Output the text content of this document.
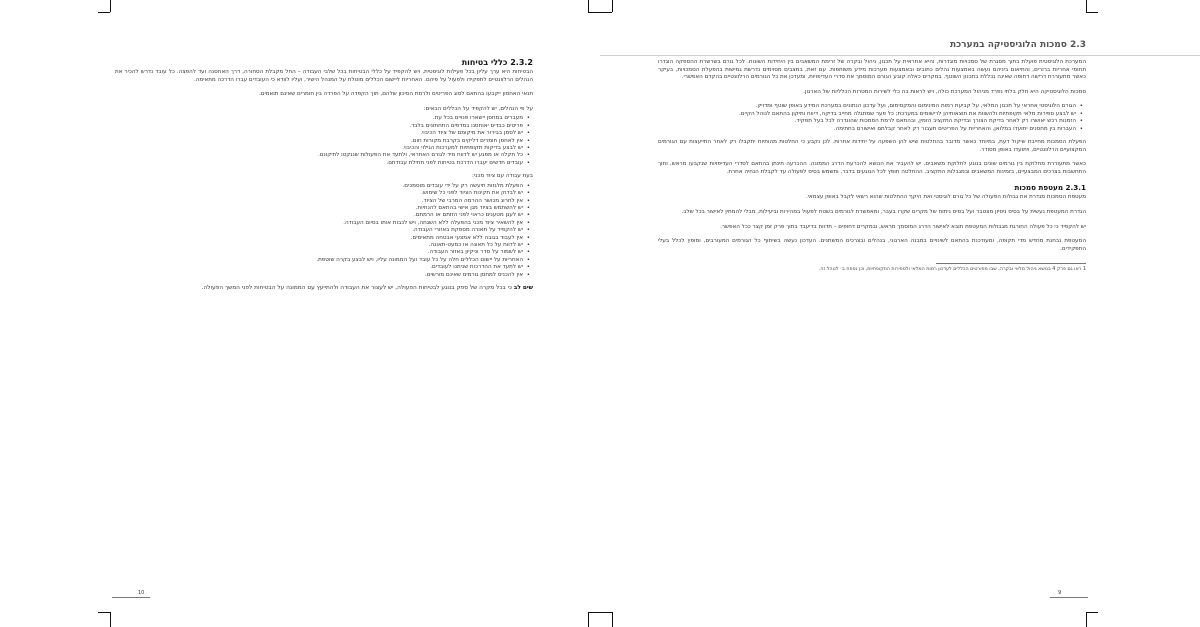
2.3 סמכות הלוגיסטיקה במערכת

המערכת הלוגיסטית פועלת בתוך מסגרת של סמכויות מוגדרות, והיא אחראית על תכנון, ניהול ובקרה של זרימת המשאבים בין היחידות השונות. לכל גורם בשרשרת ההספקה הוגדרו תחומי אחריות ברורים, והתיאום ביניהם נעשה באמצעות נהלים כתובים ובאמצעות מערכות מידע משותפות. עם זאת, במצבים מסוימים נדרשת גמישות בהפעלת הסמכויות, בעיקר כאשר מתעוררת דרישה דחופה שאינה נכללת בתכנון השוטף. במקרים כאלה קובע הגורם המוסמך את סדרי העדיפויות, ומעדכן את כל הגורמים הרלוונטיים בהקדם האפשרי.

סמכות הלוגיסטיקה היא חלק בלתי נפרד מניהול המערכת כולה, ויש לראות בה כלי לשירות המטרות הכלליות של הארגון.

• הגורם הלוגיסטי אחראי על תכנון המלאי, על קביעת רמות המינימום והמקסימום, ועל עדכון הנתונים במערכת המידע באופן שוטף ומדויק.
• יש לבצע ספירות מלאי תקופתיות ולהשוות את תוצאותיהן לרישומים במערכת; כל פער שמתגלה מחייב בדיקה, דיווח ותיקון בהתאם לנוהל הקיים.
• הזמנות רכש יאושרו רק לאחר בדיקת הצורך ובדיקת התקציב הזמין, ובהתאם לרמת הסמכות שהוגדרה לכל בעל תפקיד.
• העברות בין מחסנים יתועדו במלואן, והאחריות על הפריטים תעבור רק לאחר קבלתם ואישורם בחתימה.

הפעלת הסמכות מחייבת שיקול דעת, במיוחד כאשר מדובר בהחלטות שיש להן השפעה על יחידות אחרות. לכן נקבע כי החלטות מהותיות יתקבלו רק לאחר התייעצות עם הגורמים המקצועיים הרלוונטיים, ויתועדו באופן מסודר.

כאשר מתעוררת מחלוקת בין גורמים שונים בנוגע לחלוקת משאבים, יש להעביר את הנושא להכרעת הדרג הממונה. ההכרעה תינתן בהתאם לסדרי העדיפויות שנקבעו מראש, ותוך התחשבות בצרכים המבצעיים, בזמינות המשאבים ובמגבלות התקציב. ההחלטה תופץ לכל הנוגעים בדבר, ותשמש בסיס לפעולה עד לקבלת הנחיה אחרת.

2.3.1 מעטפת סמכות

מעטפת הסמכות מגדרת את גבולות הפעולה של כל גורם לוגיסטי ואת היקף ההחלטות שהוא רשאי לקבל באופן עצמאי.

הגדרת המעטפת נעשית על בסיס ניסיון מצטבר ועל בסיס ניתוח של מקרים שקרו בעבר, ומאפשרת לגורמים בשטח לפעול במהירות וביעילות, מבלי להמתין לאישור בכל שלב.

יש להקפיד כי כל פעולה החורגת מגבולות המעטפת תובא לאישור הדרג המוסמך מראש, ובמקרים דחופים – תדווח בדיעבד בתוך פרק זמן קצר ככל האפשר.

המעטפת נבחנת מחדש מדי תקופה, ומעודכנת בהתאם לשינויים במבנה הארגוני, בנהלים ובצרכים המשתנים. העדכון נעשה בשיתוף כל הגורמים המעורבים, ומופץ לכלל בעלי התפקידים.

1 ראו גם פרק 4 בנושא ניהול מלאי ובקרה, שבו מפורטים הכללים לעדכון רמות המלאי ולספירות התקופתיות, וכן נספח ב׳ לנוהל זה.
2.3.2 כללי בטיחות

הבטיחות היא ערך עליון בכל פעילות לוגיסטית, ויש להקפיד על כללי הבטיחות בכל שלבי העבודה – החל מקבלת הסחורה, דרך האחסנה ועד להפצה. כל עובד נדרש להכיר את הנהלים הרלוונטיים לתפקידו ולפעול על פיהם. האחריות ליישום הכללים מוטלת על המנהל הישיר, ועליו לוודא כי העובדים עברו הדרכה מתאימה.

תנאי האחסון ייקבעו בהתאם לסוג הפריטים ולרמת הסיכון שלהם, תוך הקפדה על הפרדה בין חומרים שאינם תואמים.

על פי הנהלים, יש להקפיד על הכללים הבאים:

• מעברים במחסן יישארו פנויים בכל עת.
• פריטים כבדים יאוחסנו במדפים התחתונים בלבד.
• יש לסמן בבירור את מיקומם של ציוד הכיבוי.
• אין לאחסן חומרים דליקים בקרבת מקורות חום.
• יש לבצע בדיקות תקופתיות למערכות הגילוי והכיבוי.
• כל תקלה או מפגע יש לדווח מיד לגורם האחראי, ולתעד את הפעולות שננקטו לתיקונם.
• עובדים חדשים יעברו הדרכת בטיחות לפני תחילת עבודתם.

בעת עבודה עם ציוד מכני:

• הפעלת מלגזות תיעשה רק על ידי עובדים מוסמכים.
• יש לבדוק את תקינות הציוד לפני כל שימוש.
• אין לחרוג מכושר ההרמה המרבי של הציוד.
• יש להשתמש בציוד מגן אישי בהתאם להנחיות.
• יש לעגן מטענים כראוי לפני הזזתם או הרמתם.
• אין להשאיר ציוד מכני בהפעלה ללא השגחה, ויש לכבות אותו בסיום העבודה.
• יש להקפיד על תאורה מספקת באזורי העבודה.
• אין לעבוד בגובה ללא אמצעי אבטחה מתאימים.
• יש לדווח על כל תאונה או כמעט-תאונה.
• יש לשמור על סדר וניקיון באזור העבודה.
• האחריות על יישום הכללים חלה על כל עובד ועל הממונה עליו, ויש לבצע בקרה שוטפת.
• יש לתעד את ההדרכות שניתנו לעובדים.
• אין להכניס למחסן גורמים שאינם מורשים.

שים לב כי בכל מקרה של ספק בנוגע לבטיחות הפעולה, יש לעצור את העבודה ולהתייעץ עם הממונה על הבטיחות לפני המשך הפעולה.

10	9
